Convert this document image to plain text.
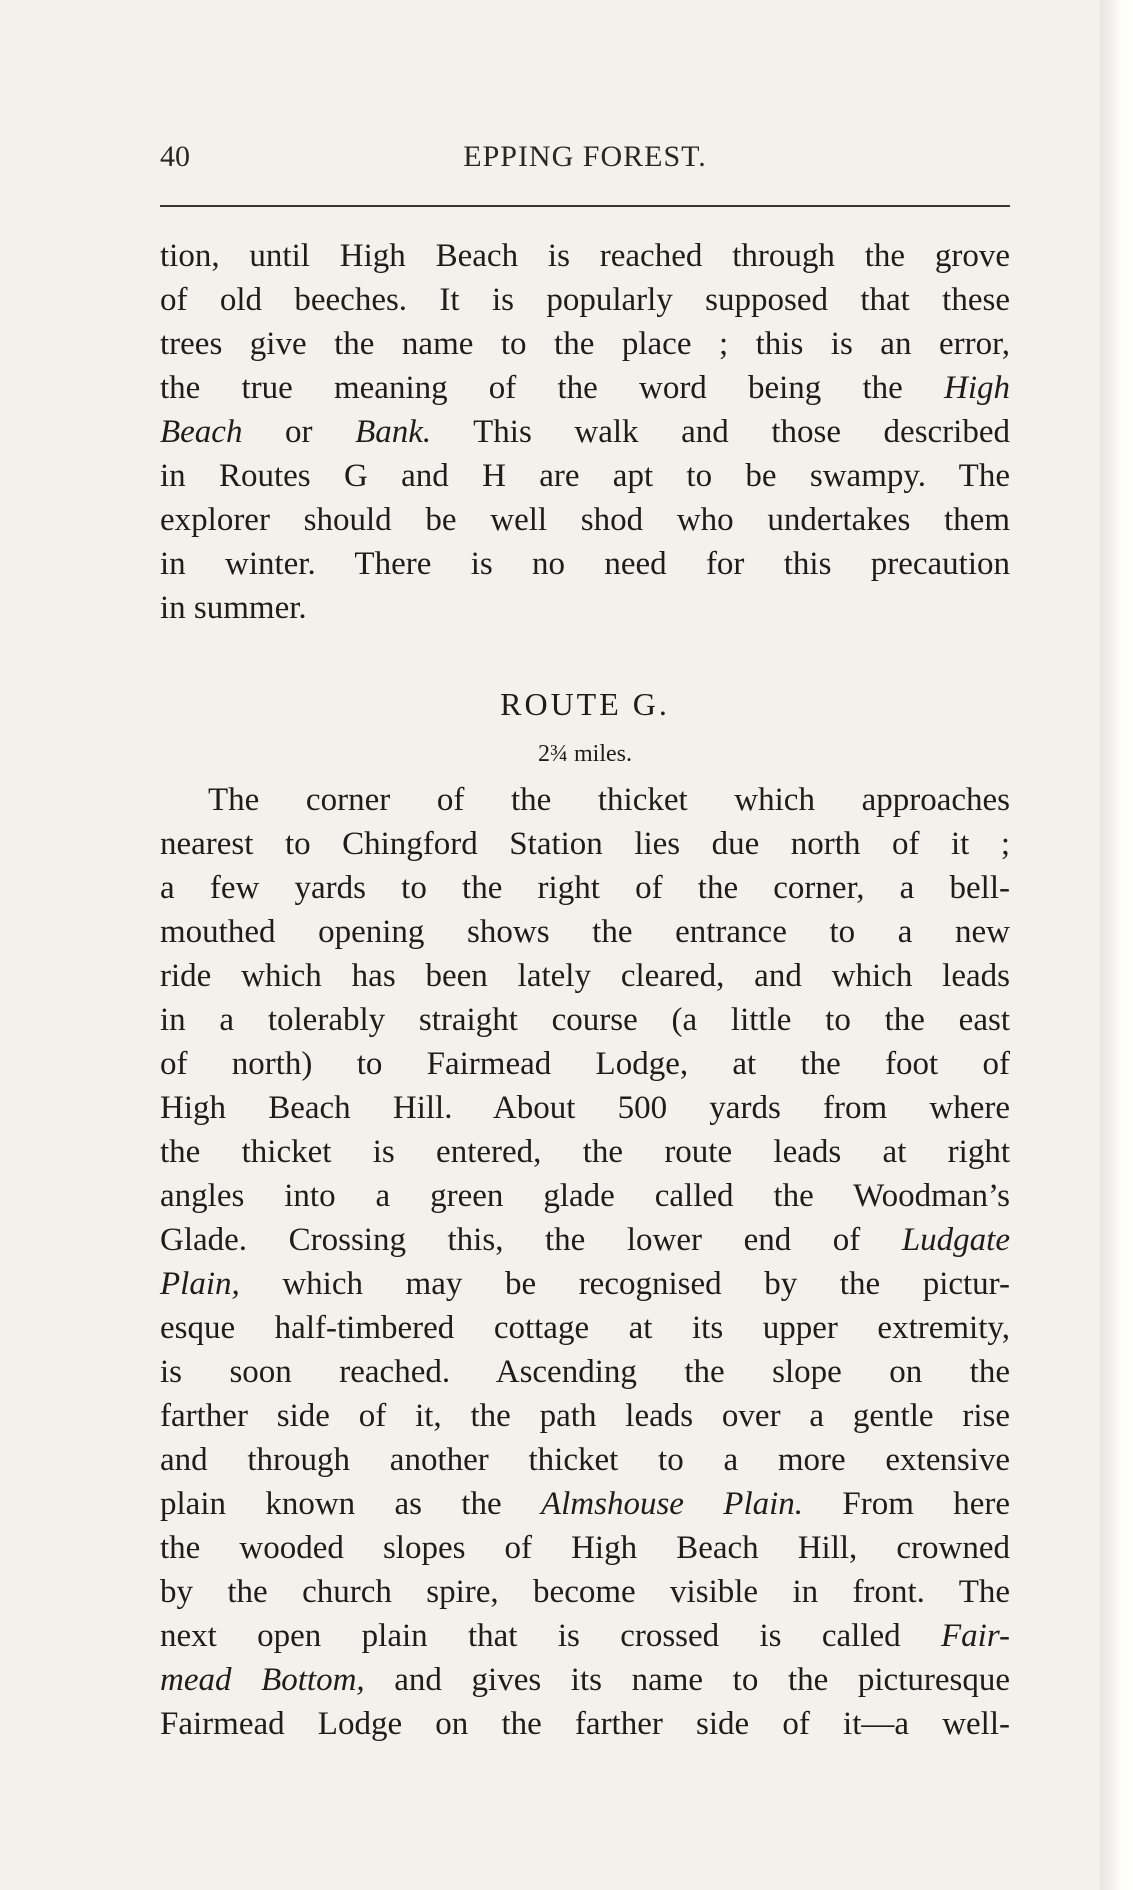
40	EPPING FOREST.
tion, until High Beach is reached through the grove
of old beeches. It is popularly supposed that these
trees give the name to the place ; this is an error,
the true meaning of the word being the High
Beach or Bank. This walk and those described
in Routes G and H are apt to be swampy. The
explorer should be well shod who undertakes them
in winter. There is no need for this precaution
in summer.
ROUTE G.
2¾ miles.
The corner of the thicket which approaches
nearest to Chingford Station lies due north of it ;
a few yards to the right of the corner, a bell-
mouthed opening shows the entrance to a new
ride which has been lately cleared, and which leads
in a tolerably straight course (a little to the east
of north) to Fairmead Lodge, at the foot of
High Beach Hill. About 500 yards from where
the thicket is entered, the route leads at right
angles into a green glade called the Woodman’s
Glade. Crossing this, the lower end of Ludgate
Plain, which may be recognised by the pictur-
esque half-timbered cottage at its upper extremity,
is soon reached. Ascending the slope on the
farther side of it, the path leads over a gentle rise
and through another thicket to a more extensive
plain known as the Almshouse Plain. From here
the wooded slopes of High Beach Hill, crowned
by the church spire, become visible in front. The
next open plain that is crossed is called Fair-
mead Bottom, and gives its name to the picturesque
Fairmead Lodge on the farther side of it—a well-
